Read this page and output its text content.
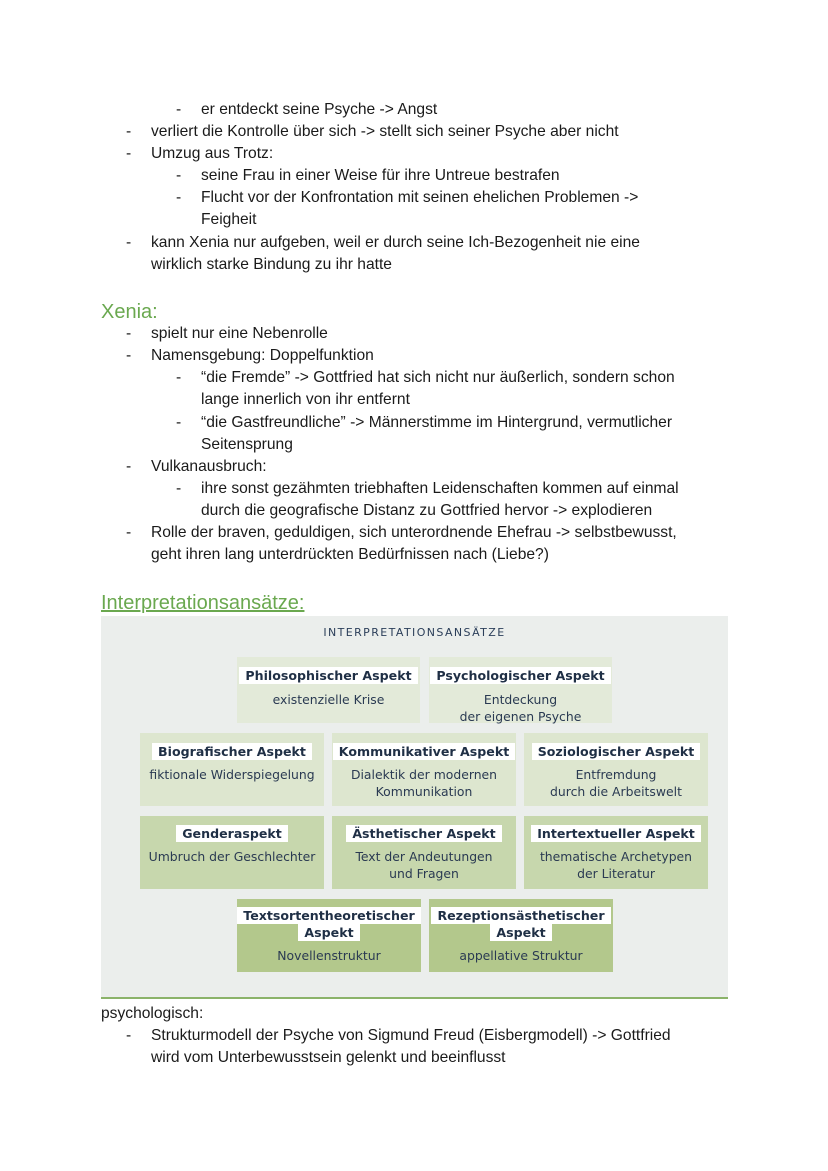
- er entdeckt seine Psyche -> Angst
- verliert die Kontrolle über sich -> stellt sich seiner Psyche aber nicht
- Umzug aus Trotz:
- seine Frau in einer Weise für ihre Untreue bestrafen
- Flucht vor der Konfrontation mit seinen ehelichen Problemen ->
Feigheit
- kann Xenia nur aufgeben, weil er durch seine Ich-Bezogenheit nie eine
wirklich starke Bindung zu ihr hatte
Xenia:
- spielt nur eine Nebenrolle
- Namensgebung: Doppelfunktion
- “die Fremde” -> Gottfried hat sich nicht nur äußerlich, sondern schon
lange innerlich von ihr entfernt
- “die Gastfreundliche” -> Männerstimme im Hintergrund, vermutlicher
Seitensprung
- Vulkanausbruch:
- ihre sonst gezähmten triebhaften Leidenschaften kommen auf einmal
durch die geografische Distanz zu Gottfried hervor -> explodieren
- Rolle der braven, geduldigen, sich unterordnende Ehefrau -> selbstbewusst,
geht ihren lang unterdrückten Bedürfnissen nach (Liebe?)
Interpretationsansätze:
INTERPRETATIONSANSÄTZE
Philosophischer Aspekt
existenzielle Krise
Psychologischer Aspekt
Entdeckung
der eigenen Psyche
Biografischer Aspekt
fiktionale Widerspiegelung
Kommunikativer Aspekt
Dialektik der modernen
Kommunikation
Soziologischer Aspekt
Entfremdung
durch die Arbeitswelt
Genderaspekt
Umbruch der Geschlechter
Ästhetischer Aspekt
Text der Andeutungen
und Fragen
Intertextueller Aspekt
thematische Archetypen
der Literatur
Textsortentheoretischer
Aspekt
Novellenstruktur
Rezeptionsästhetischer
Aspekt
appellative Struktur
psychologisch:
- Strukturmodell der Psyche von Sigmund Freud (Eisbergmodell) -> Gottfried
wird vom Unterbewusstsein gelenkt und beeinflusst
